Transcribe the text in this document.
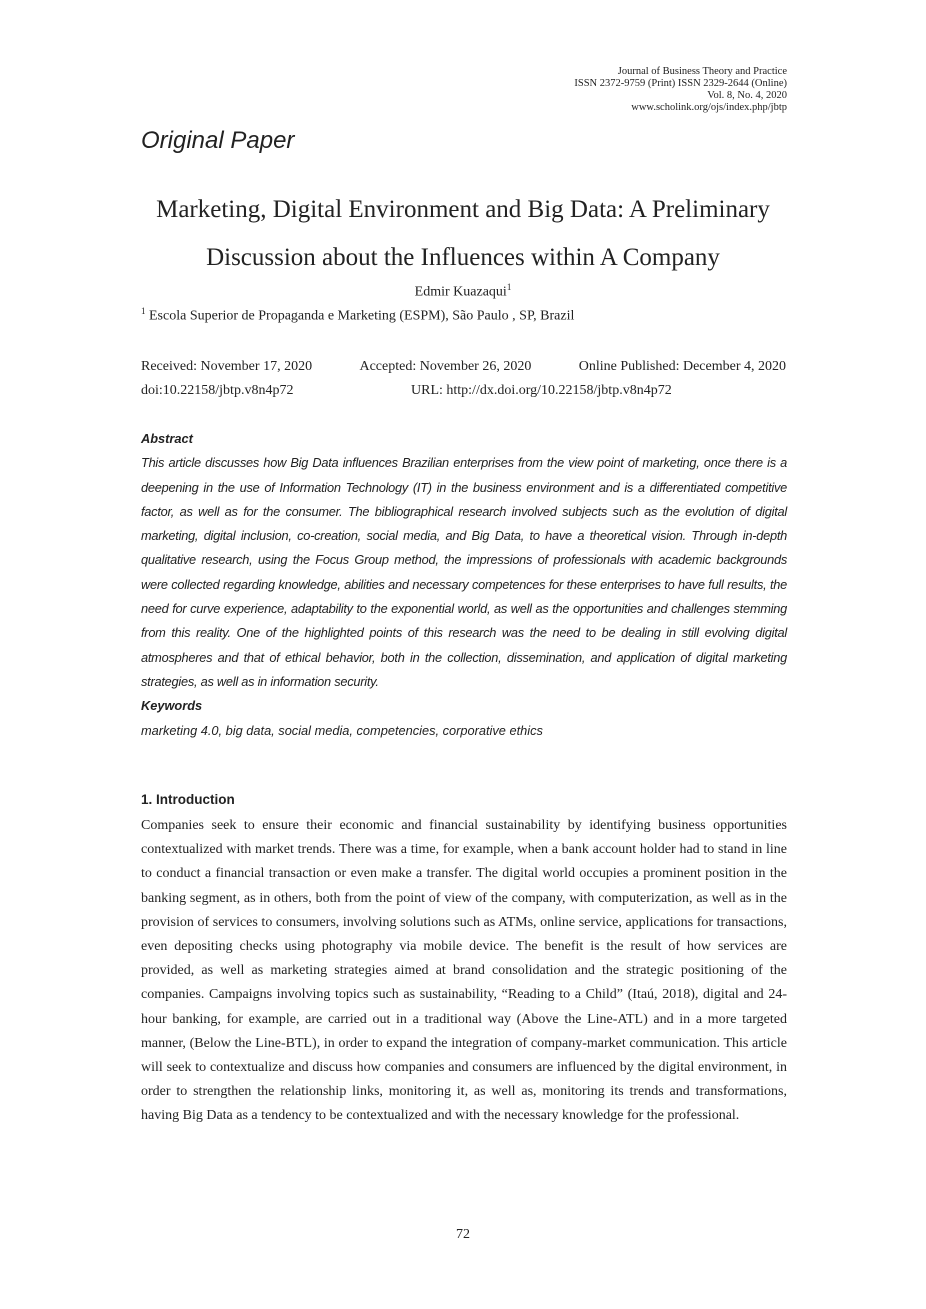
Journal of Business Theory and Practice
ISSN 2372-9759 (Print) ISSN 2329-2644 (Online)
Vol. 8, No. 4, 2020
www.scholink.org/ojs/index.php/jbtp
Original Paper
Marketing, Digital Environment and Big Data: A Preliminary
Discussion about the Influences within A Company
Edmir Kuazaqui$^1$
$^1$ Escola Superior de Propaganda e Marketing (ESPM), São Paulo , SP, Brazil
Received: November 17, 2020	Accepted: November 26, 2020	Online Published: December 4, 2020
doi:10.22158/jbtp.v8n4p72	URL: http://dx.doi.org/10.22158/jbtp.v8n4p72
Abstract

This article discusses how Big Data influences Brazilian enterprises from the view point of marketing, once there is a deepening in the use of Information Technology (IT) in the business environment and is a differentiated competitive factor, as well as for the consumer. The bibliographical research involved subjects such as the evolution of digital marketing, digital inclusion, co-creation, social media, and Big Data, to have a theoretical vision. Through in-depth qualitative research, using the Focus Group method, the impressions of professionals with academic backgrounds were collected regarding knowledge, abilities and necessary competences for these enterprises to have full results, the need for curve experience, adaptability to the exponential world, as well as the opportunities and challenges stemming from this reality. One of the highlighted points of this research was the need to be dealing in still evolving digital atmospheres and that of ethical behavior, both in the collection, dissemination, and application of digital marketing strategies, as well as in information security.

Keywords
marketing 4.0, big data, social media, competencies, corporative ethics
1. Introduction

Companies seek to ensure their economic and financial sustainability by identifying business opportunities contextualized with market trends. There was a time, for example, when a bank account holder had to stand in line to conduct a financial transaction or even make a transfer. The digital world occupies a prominent position in the banking segment, as in others, both from the point of view of the company, with computerization, as well as in the provision of services to consumers, involving solutions such as ATMs, online service, applications for transactions, even depositing checks using photography via mobile device. The benefit is the result of how services are provided, as well as marketing strategies aimed at brand consolidation and the strategic positioning of the companies. Campaigns involving topics such as sustainability, “Reading to a Child” (Itaú, 2018), digital and 24-hour banking, for example, are carried out in a traditional way (Above the Line-ATL) and in a more targeted manner, (Below the Line-BTL), in order to expand the integration of company-market communication. This article will seek to contextualize and discuss how companies and consumers are influenced by the digital environment, in order to strengthen the relationship links, monitoring it, as well as, monitoring its trends and transformations, having Big Data as a tendency to be contextualized and with the necessary knowledge for the professional.

72
